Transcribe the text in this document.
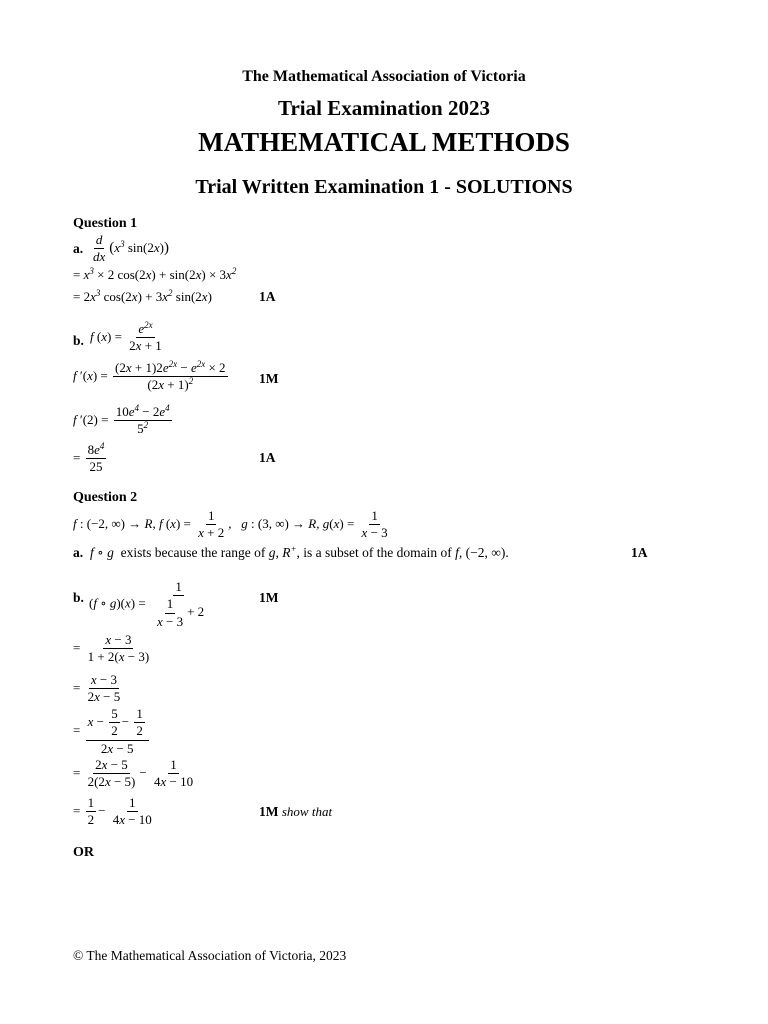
The Mathematical Association of Victoria
Trial Examination 2023
MATHEMATICAL METHODS
Trial Written Examination 1 - SOLUTIONS
Question 1
a. $\frac{d}{dx} (x^3$ sin(2x))
= $x^3 \times 2$ $\cos(2x) + \sin(2x) \times 3x^2$
= $2x^3$ $\cos(2x) + 3x^2$ sin(2x)	1A
b. f $(x) = \frac{e^{2x}}{2x + 1}$
f $'(x) = \frac{(2x + 1)2e^{2x} - e^{2x} \times 2}{(2x + 1)^2} 1M$
f $'(2) = \frac{10e^4 - 2e^4}{5^2}$
= $\frac{8e^4}{25}$	1A
Question 2
f : (−2, ∞) → R, f $(x) = \frac{1}{x + 2}$ ,   g : (3, ∞) → R, $g(x) = \frac{1}{x - 3}$
a. f ∘ g exists because the range of g, R+, is a subset of the domain of f, (−2, ∞).	1A
b. (f ∘ $g)(x) = \frac{1}{\frac{1}{x - 3} + 2}$	1M
= $\frac{x - 3}{1 + 2(x - 3)}$
= $\frac{x - 3}{2x - 5}$
= $\frac{x - \frac{5}{2} - \frac{1}{2}}{2x - 5}$
= $\frac{2x - 5}{2(2x - 5)} - \frac{1}{4x - 10}$
= $\frac{1}{2} - \frac{1}{4x - 10}$	1M show that
OR
© The Mathematical Association of Victoria, 2023
